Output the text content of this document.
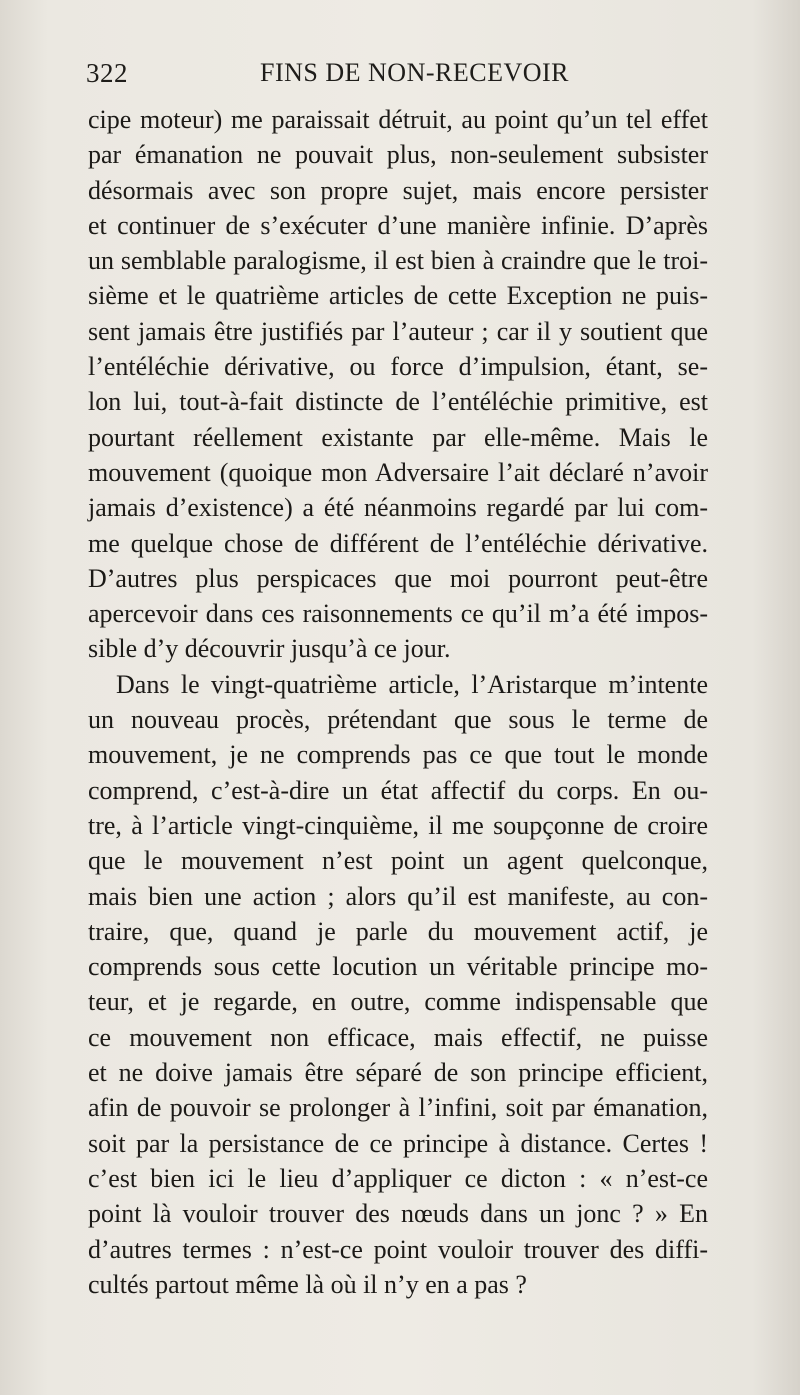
322	FINS DE NON-RECEVOIR
cipe moteur) me paraissait détruit, au point qu’un tel effet
par émanation ne pouvait plus, non-seulement subsister
désormais avec son propre sujet, mais encore persister
et continuer de s’exécuter d’une manière infinie. D’après
un semblable paralogisme, il est bien à craindre que le troi-
sième et le quatrième articles de cette Exception ne puis-
sent jamais être justifiés par l’auteur ; car il y soutient que
l’entéléchie dérivative, ou force d’impulsion, étant, se-
lon lui, tout-à-fait distincte de l’entéléchie primitive, est
pourtant réellement existante par elle-même. Mais le
mouvement (quoique mon Adversaire l’ait déclaré n’avoir
jamais d’existence) a été néanmoins regardé par lui com-
me quelque chose de différent de l’entéléchie dérivative.
D’autres plus perspicaces que moi pourront peut-être
apercevoir dans ces raisonnements ce qu’il m’a été impos-
sible d’y découvrir jusqu’à ce jour.
Dans le vingt-quatrième article, l’Aristarque m’intente
un nouveau procès, prétendant que sous le terme de
mouvement, je ne comprends pas ce que tout le monde
comprend, c’est-à-dire un état affectif du corps. En ou-
tre, à l’article vingt-cinquième, il me soupçonne de croire
que le mouvement n’est point un agent quelconque,
mais bien une action ; alors qu’il est manifeste, au con-
traire, que, quand je parle du mouvement actif, je
comprends sous cette locution un véritable principe mo-
teur, et je regarde, en outre, comme indispensable que
ce mouvement non efficace, mais effectif, ne puisse
et ne doive jamais être séparé de son principe efficient,
afin de pouvoir se prolonger à l’infini, soit par émanation,
soit par la persistance de ce principe à distance. Certes !
c’est bien ici le lieu d’appliquer ce dicton : « n’est-ce
point là vouloir trouver des nœuds dans un jonc ? » En
d’autres termes : n’est-ce point vouloir trouver des diffi-
cultés partout même là où il n’y en a pas ?
